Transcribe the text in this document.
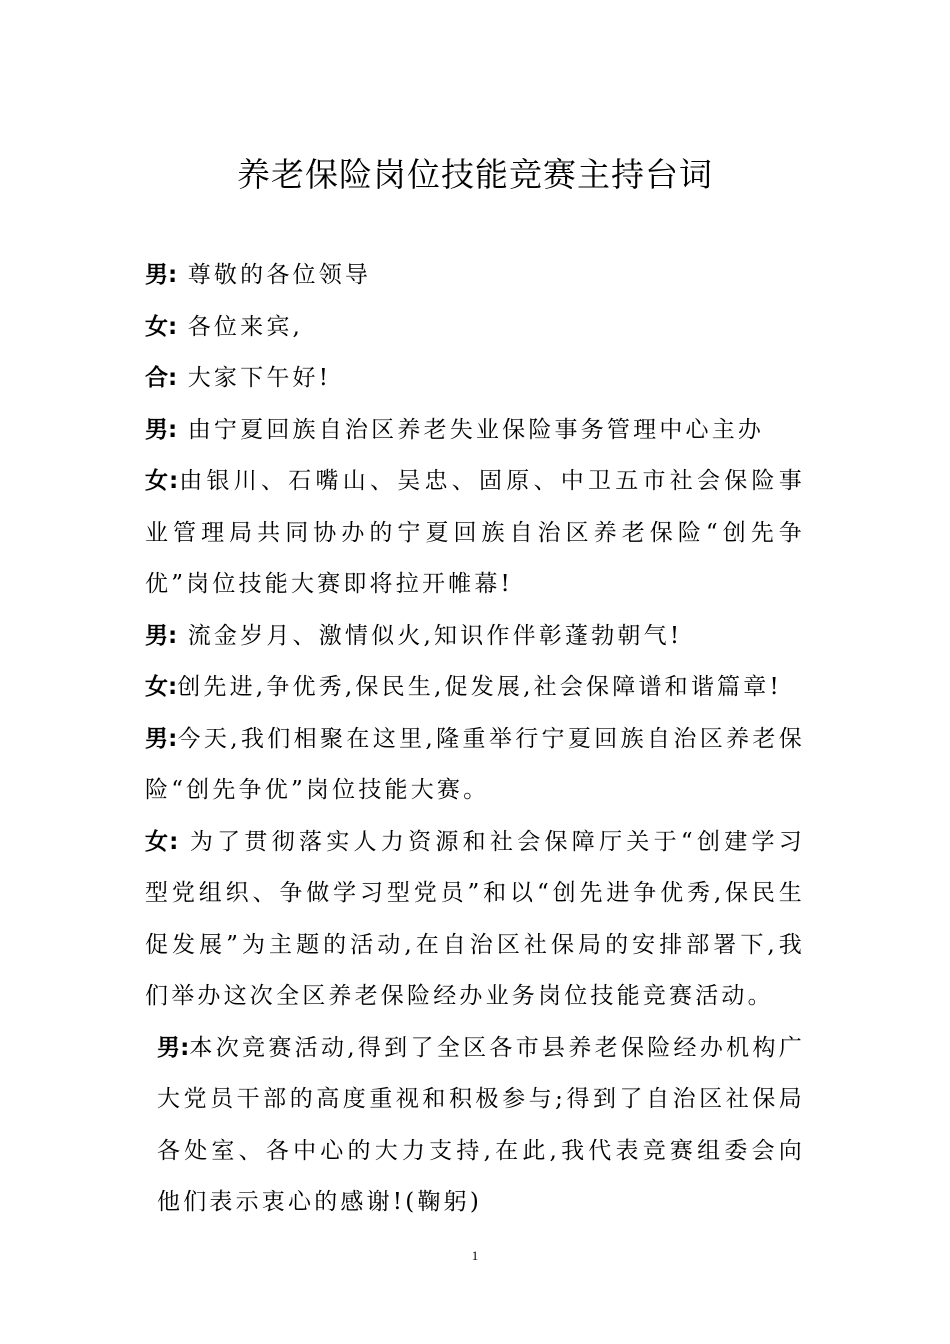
养老保险岗位技能竞赛主持台词

男: 尊敬的各位领导

女: 各位来宾,

合: 大家下午好!

男: 由宁夏回族自治区养老失业保险事务管理中心主办

女:由银川、石嘴山、吴忠、固原、中卫五市社会保险事业管理局共同协办的宁夏回族自治区养老保险“创先争优”岗位技能大赛即将拉开帷幕!

男: 流金岁月、激情似火,知识作伴彰蓬勃朝气!

女:创先进,争优秀,保民生,促发展,社会保障谱和谐篇章!

男:今天,我们相聚在这里,隆重举行宁夏回族自治区养老保险“创先争优”岗位技能大赛。

女: 为了贯彻落实人力资源和社会保障厅关于“创建学习型党组织、争做学习型党员”和以“创先进争优秀,保民生促发展”为主题的活动,在自治区社保局的安排部署下,我们举办这次全区养老保险经办业务岗位技能竞赛活动。

男:本次竞赛活动,得到了全区各市县养老保险经办机构广大党员干部的高度重视和积极参与;得到了自治区社保局各处室、各中心的大力支持,在此,我代表竞赛组委会向他们表示衷心的感谢!(鞠躬)

1
